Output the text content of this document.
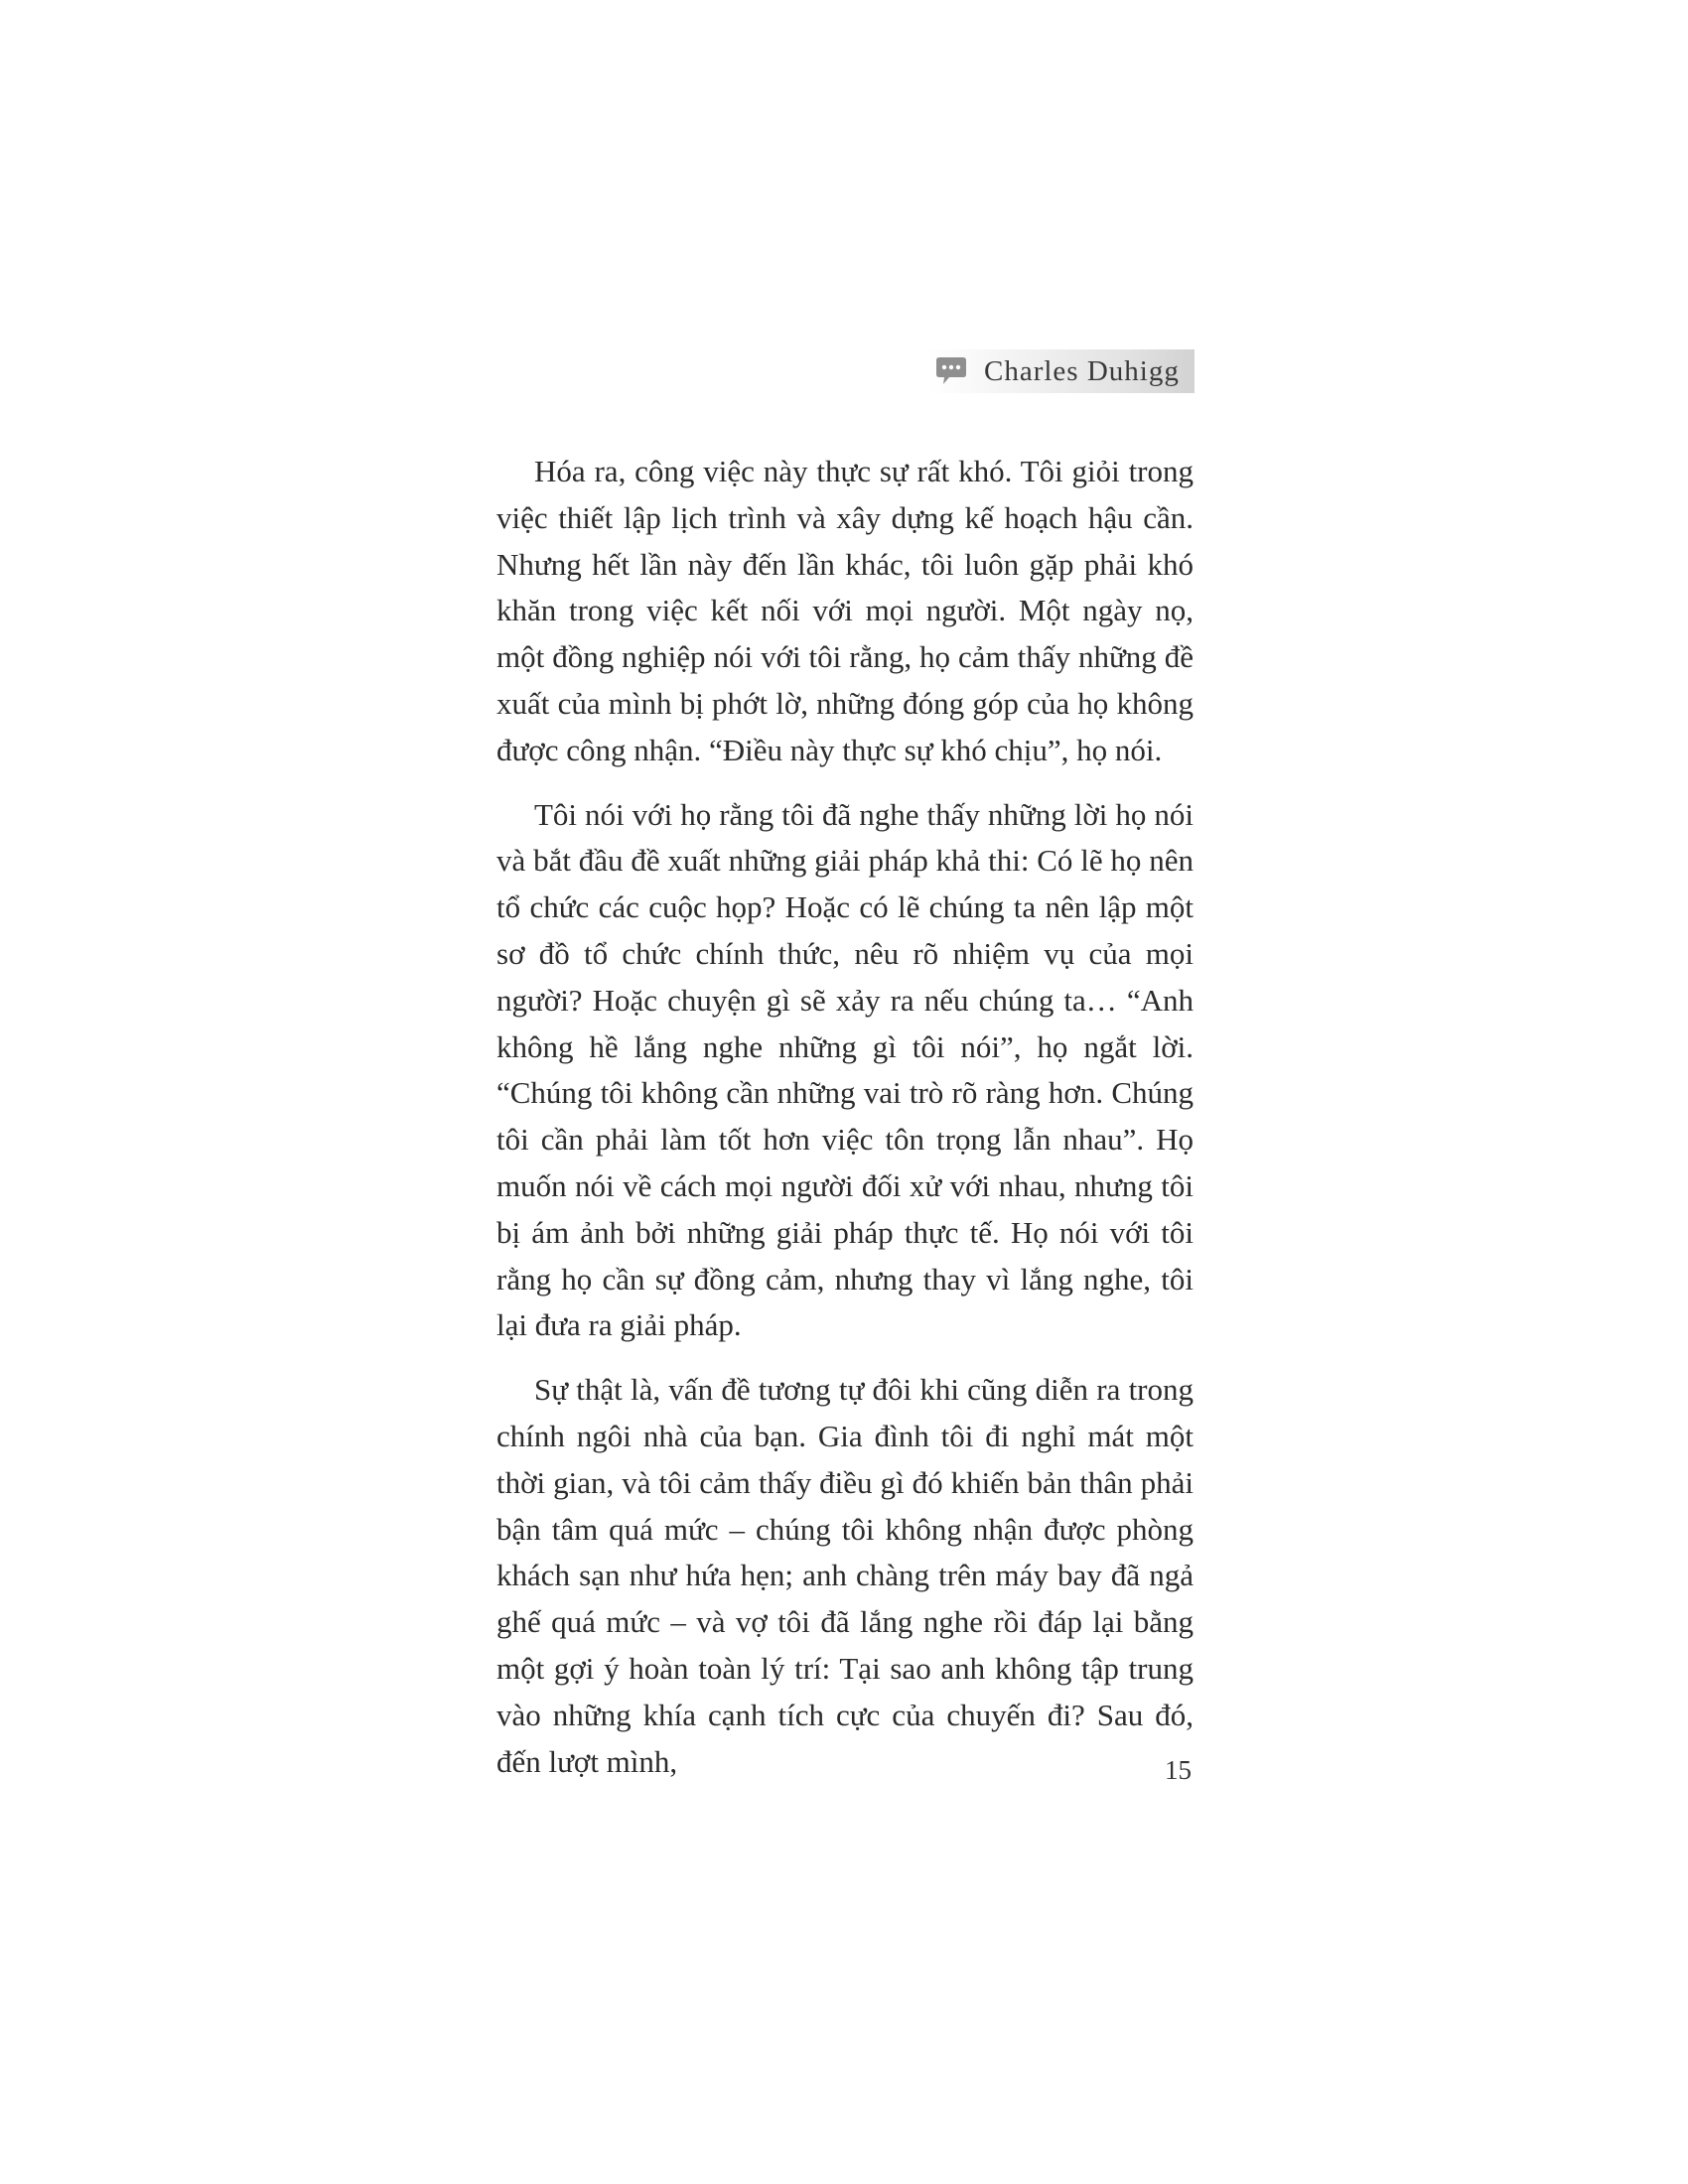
Charles Duhigg

Hóa ra, công việc này thực sự rất khó. Tôi giỏi trong việc thiết lập lịch trình và xây dựng kế hoạch hậu cần. Nhưng hết lần này đến lần khác, tôi luôn gặp phải khó khăn trong việc kết nối với mọi người. Một ngày nọ, một đồng nghiệp nói với tôi rằng, họ cảm thấy những đề xuất của mình bị phớt lờ, những đóng góp của họ không được công nhận. “Điều này thực sự khó chịu”, họ nói.

Tôi nói với họ rằng tôi đã nghe thấy những lời họ nói và bắt đầu đề xuất những giải pháp khả thi: Có lẽ họ nên tổ chức các cuộc họp? Hoặc có lẽ chúng ta nên lập một sơ đồ tổ chức chính thức, nêu rõ nhiệm vụ của mọi người? Hoặc chuyện gì sẽ xảy ra nếu chúng ta… “Anh không hề lắng nghe những gì tôi nói”, họ ngắt lời. “Chúng tôi không cần những vai trò rõ ràng hơn. Chúng tôi cần phải làm tốt hơn việc tôn trọng lẫn nhau”. Họ muốn nói về cách mọi người đối xử với nhau, nhưng tôi bị ám ảnh bởi những giải pháp thực tế. Họ nói với tôi rằng họ cần sự đồng cảm, nhưng thay vì lắng nghe, tôi lại đưa ra giải pháp.

Sự thật là, vấn đề tương tự đôi khi cũng diễn ra trong chính ngôi nhà của bạn. Gia đình tôi đi nghỉ mát một thời gian, và tôi cảm thấy điều gì đó khiến bản thân phải bận tâm quá mức – chúng tôi không nhận được phòng khách sạn như hứa hẹn; anh chàng trên máy bay đã ngả ghế quá mức – và vợ tôi đã lắng nghe rồi đáp lại bằng một gợi ý hoàn toàn lý trí: Tại sao anh không tập trung vào những khía cạnh tích cực của chuyến đi? Sau đó, đến lượt mình,	15
